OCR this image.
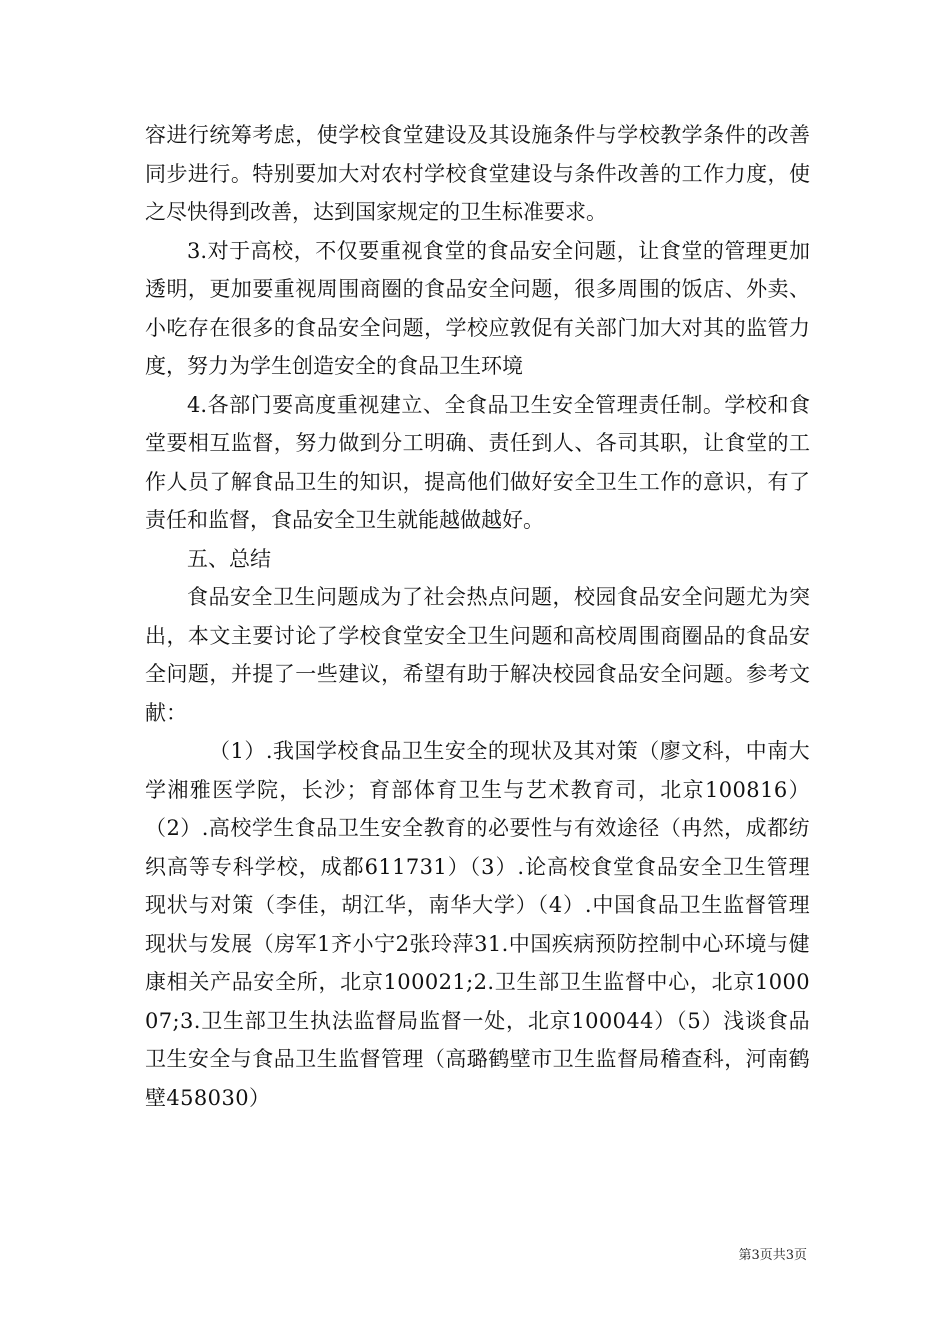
容进行统筹考虑，使学校食堂建设及其设施条件与学校教学条件的改善同步进行。特别要加大对农村学校食堂建设与条件改善的工作力度，使之尽快得到改善，达到国家规定的卫生标准要求。

3.对于高校，不仅要重视食堂的食品安全问题，让食堂的管理更加透明，更加要重视周围商圈的食品安全问题，很多周围的饭店、外卖、小吃存在很多的食品安全问题，学校应敦促有关部门加大对其的监管力度，努力为学生创造安全的食品卫生环境

4.各部门要高度重视建立、全食品卫生安全管理责任制。学校和食堂要相互监督，努力做到分工明确、责任到人、各司其职，让食堂的工作人员了解食品卫生的知识，提高他们做好安全卫生工作的意识，有了责任和监督，食品安全卫生就能越做越好。

五、总结

食品安全卫生问题成为了社会热点问题，校园食品安全问题尤为突出，本文主要讨论了学校食堂安全卫生问题和高校周围商圈品的食品安全问题，并提了一些建议，希望有助于解决校园食品安全问题。参考文献：

（1）.我国学校食品卫生安全的现状及其对策（廖文科，中南大学湘雅医学院，长沙；育部体育卫生与艺术教育司，北京100816）（2）.高校学生食品卫生安全教育的必要性与有效途径（冉然，成都纺织高等专科学校，成都611731）（3）.论高校食堂食品安全卫生管理现状与对策（李佳，胡江华，南华大学）（4）.中国食品卫生监督管理现状与发展（房军1齐小宁2张玲萍31.中国疾病预防控制中心环境与健康相关产品安全所，北京100021;2.卫生部卫生监督中心，北京100007;3.卫生部卫生执法监督局监督一处，北京100044）（5）浅谈食品卫生安全与食品卫生监督管理（高璐鹤壁市卫生监督局稽查科，河南鹤壁458030）

第3页共3页
